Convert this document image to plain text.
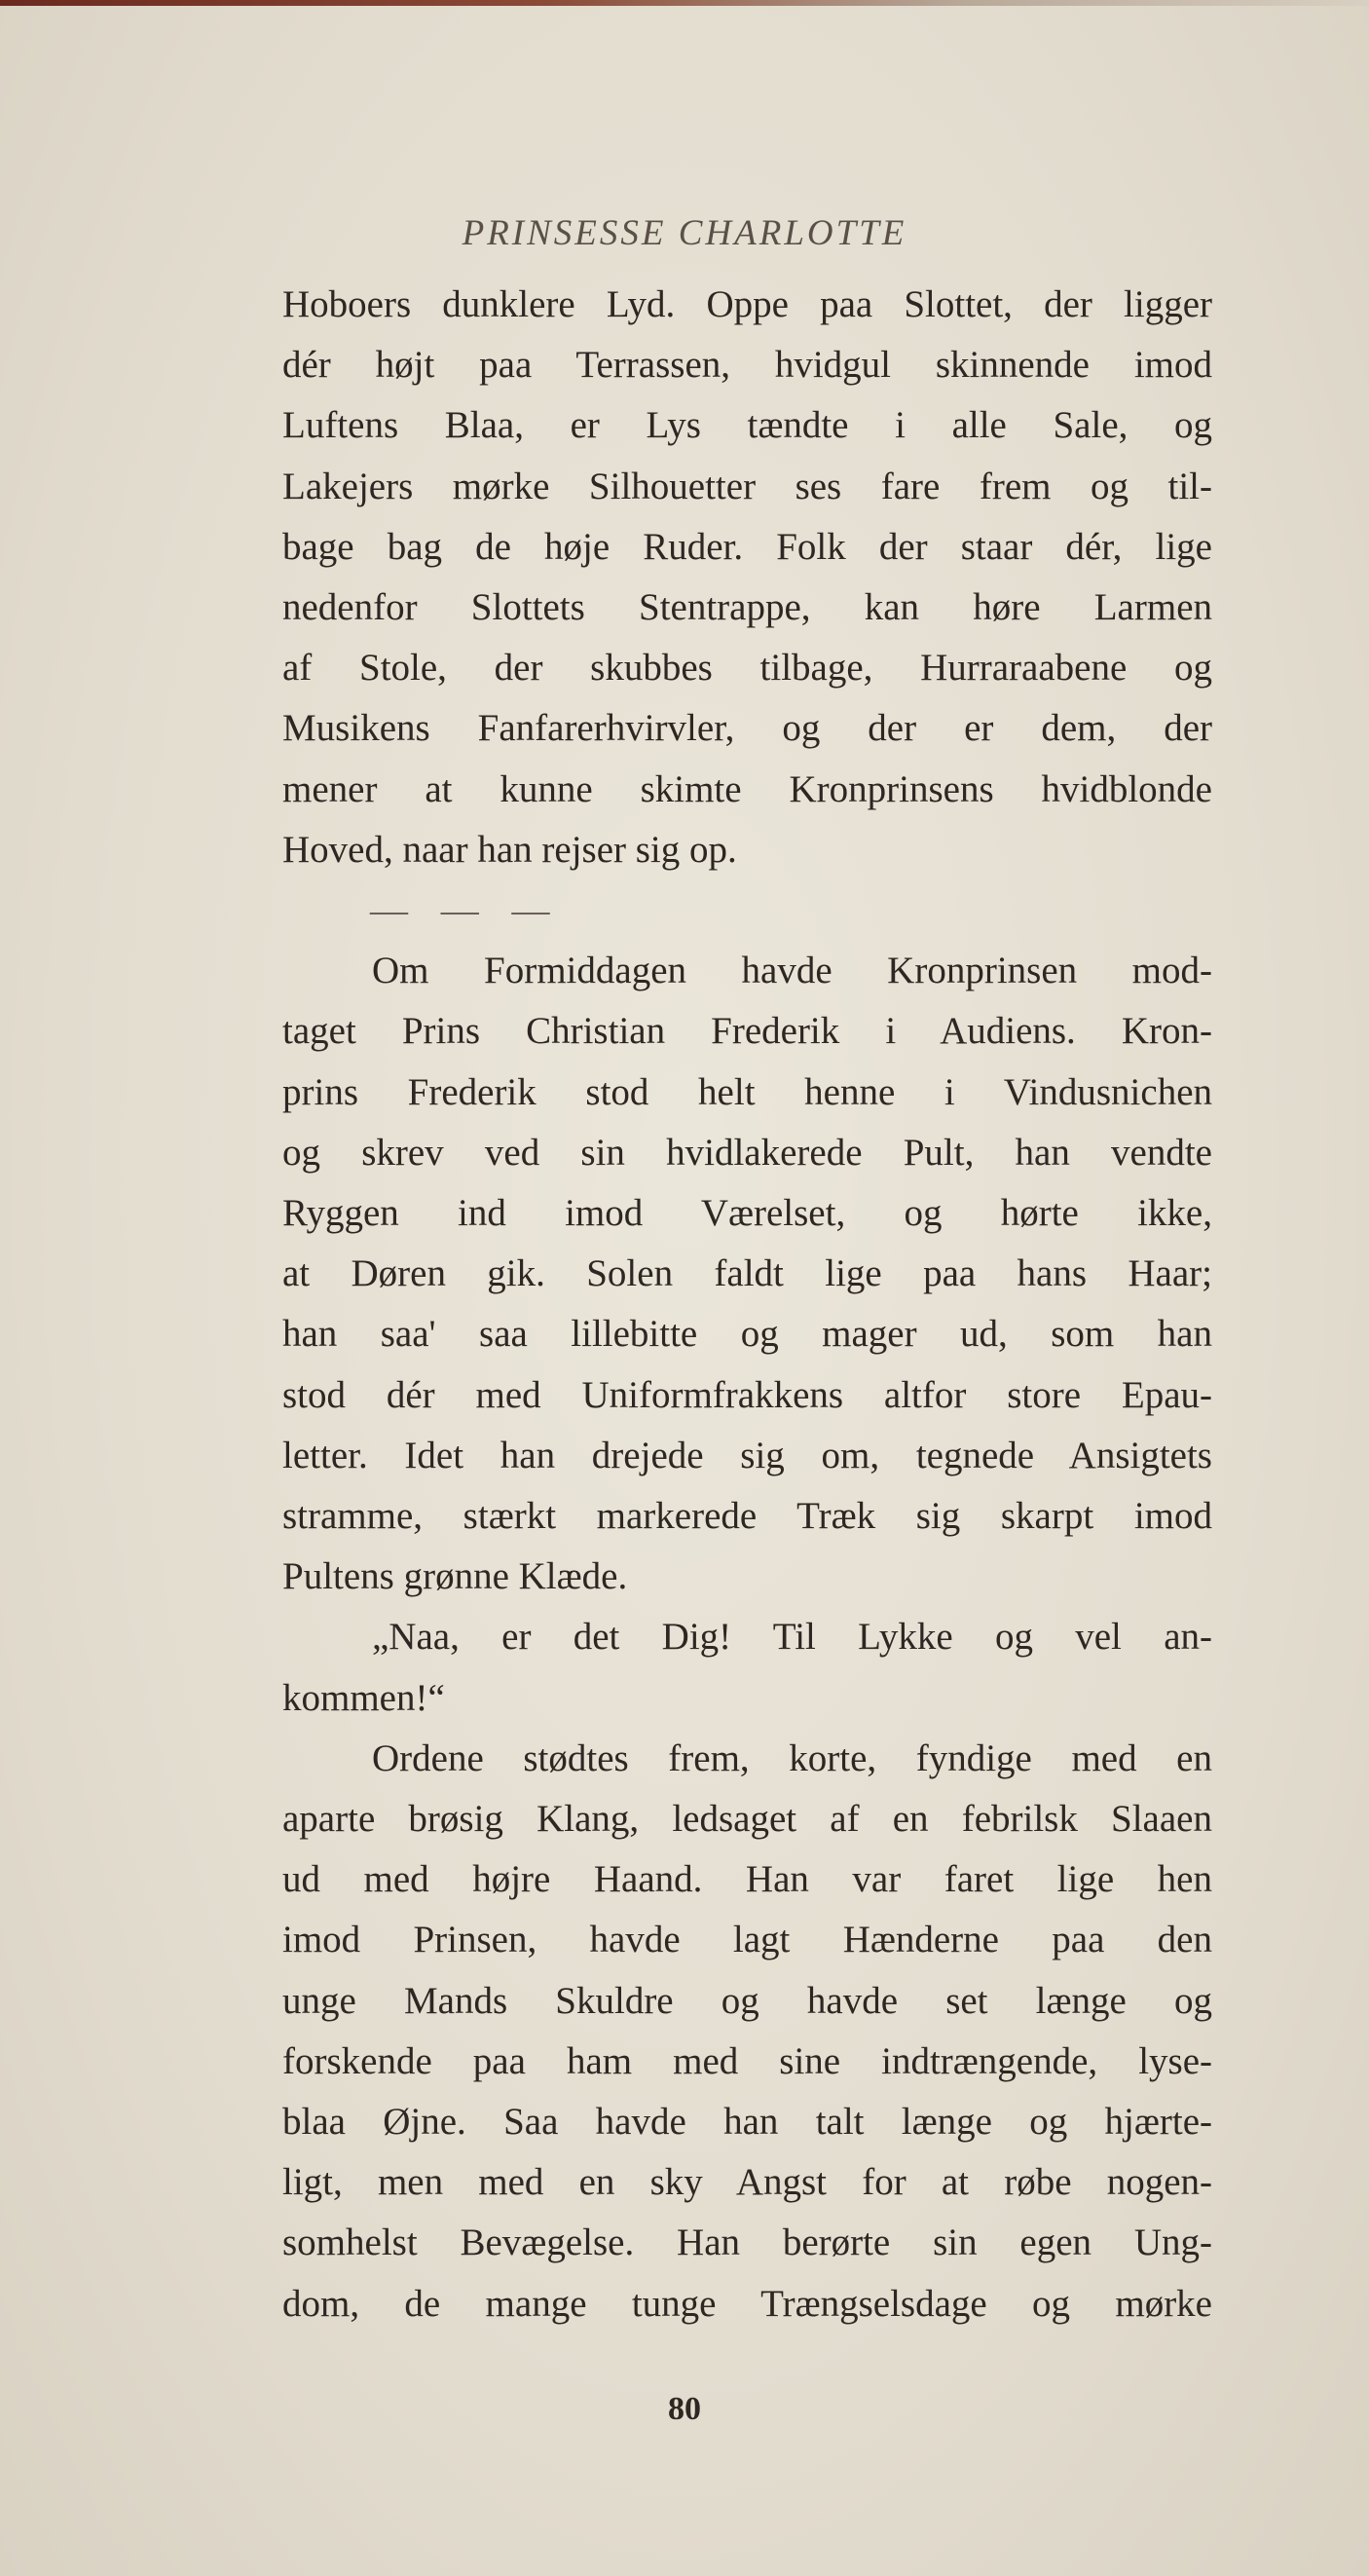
PRINSESSE CHARLOTTE

Hoboers dunklere Lyd. Oppe paa Slottet, der ligger
dér højt paa Terrassen, hvidgul skinnende imod
Luftens Blaa, er Lys tændte i alle Sale, og
Lakejers mørke Silhouetter ses fare frem og til-
bage bag de høje Ruder. Folk der staar dér, lige
nedenfor Slottets Stentrappe, kan høre Larmen
af Stole, der skubbes tilbage, Hurraraabene og
Musikens Fanfarerhvirvler, og der er dem, der
mener at kunne skimte Kronprinsens hvidblonde
Hoved, naar han rejser sig op.

— — —

Om Formiddagen havde Kronprinsen mod-
taget Prins Christian Frederik i Audiens. Kron-
prins Frederik stod helt henne i Vindusnichen
og skrev ved sin hvidlakerede Pult, han vendte
Ryggen ind imod Værelset, og hørte ikke,
at Døren gik. Solen faldt lige paa hans Haar;
han saa' saa lillebitte og mager ud, som han
stod dér med Uniformfrakkens altfor store Epau-
letter. Idet han drejede sig om, tegnede Ansigtets
stramme, stærkt markerede Træk sig skarpt imod
Pultens grønne Klæde.

„Naa, er det Dig! Til Lykke og vel an-
kommen!“

Ordene stødtes frem, korte, fyndige med en
aparte brøsig Klang, ledsaget af en febrilsk Slaaen
ud med højre Haand. Han var faret lige hen
imod Prinsen, havde lagt Hænderne paa den
unge Mands Skuldre og havde set længe og
forskende paa ham med sine indtrængende, lyse-
blaa Øjne. Saa havde han talt længe og hjærte-
ligt, men med en sky Angst for at røbe nogen-
somhelst Bevægelse. Han berørte sin egen Ung-
dom, de mange tunge Trængselsdage og mørke

80
